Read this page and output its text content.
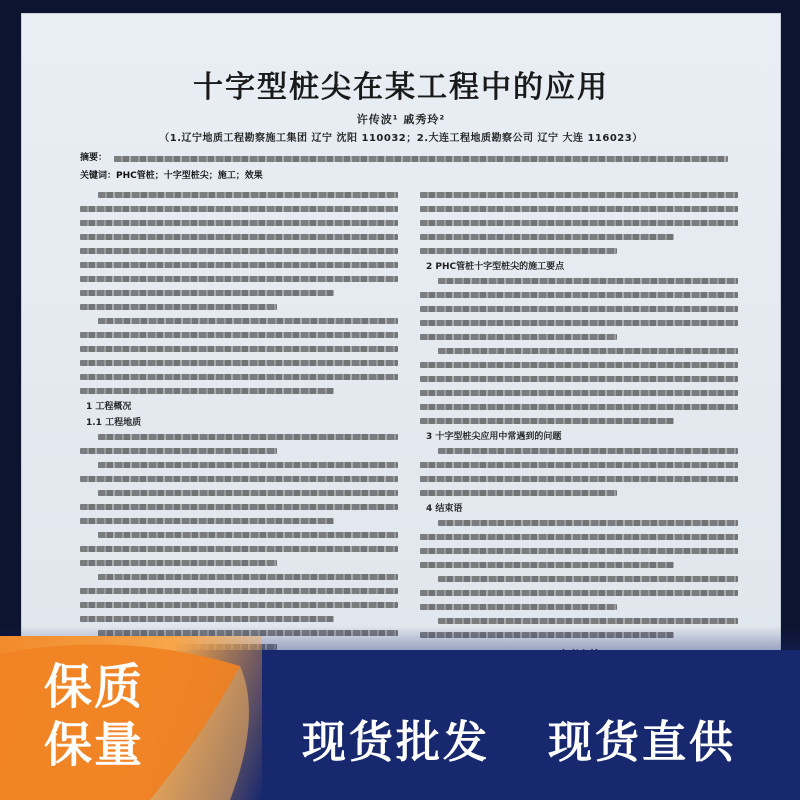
十字型桩尖在某工程中的应用
许传波¹ 戚秀玲²
（1.辽宁地质工程勘察施工集团 辽宁 沈阳 110032；2.大连工程地质勘察公司 辽宁 大连 116023）
摘要：
关键词：PHC管桩；十字型桩尖；施工；效果
1 工程概况
1.1 工程地质
2 PHC管桩十字型桩尖的施工要点
3 十字型桩尖应用中常遇到的问题
4 结束语
现货批发 现货直供
保质
保量
